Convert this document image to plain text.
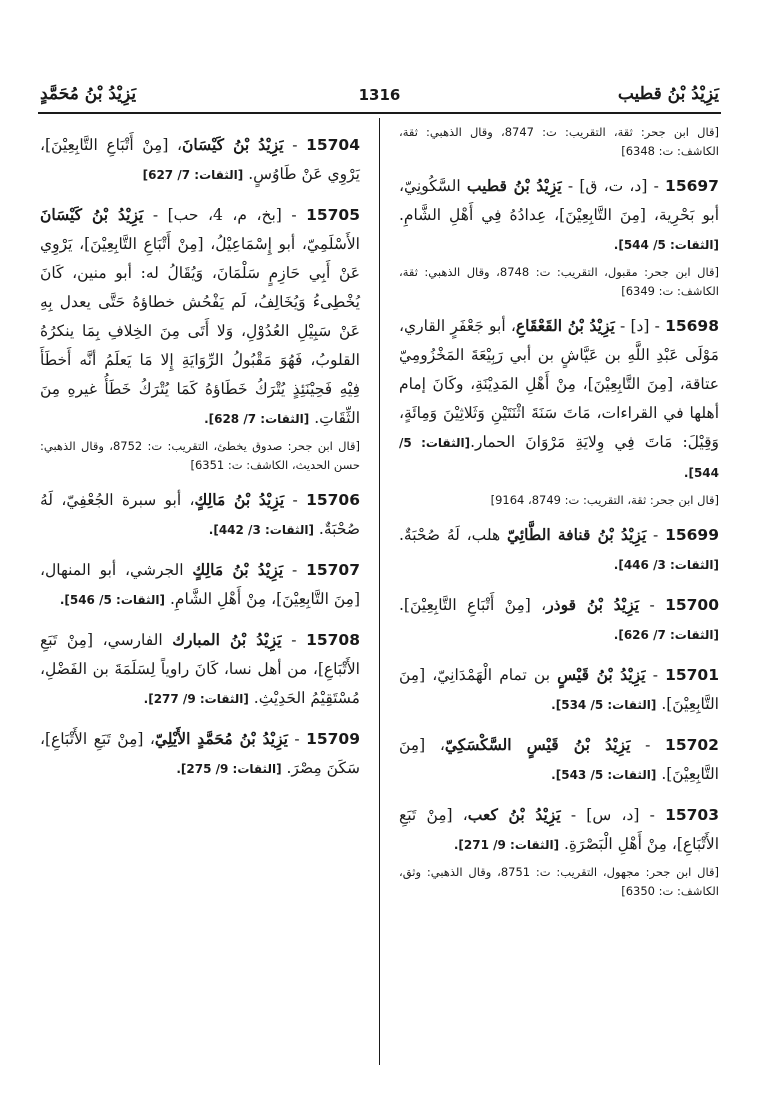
يَزِيْدُ بْنُ قطيب
1316
يَزِيْدُ بْنُ مُحَمَّدٍ
[قال ابن جحر: ثقة، التقريب: ت: 8747، وقال الذهبي: ثقة، الكاشف: ت: 6348]
15697 - [د، ت، ق] - يَزِيْدُ بْنُ قطيب السَّكُونِيّ، أبو بَحْرِية، [مِنَ التَّابِعِيْنَ]، عِدادُهُ فِي أَهْلِ الشَّامِ. [الثقات: 5/ 544].
[قال ابن جحر: مقبول، التقريب: ت: 8748، وقال الذهبي: ثقة، الكاشف: ت: 6349]
15698 - [د] - يَزِيْدُ بْنُ القَعْقَاعِ، أبو جَعْفَرٍ القاري، مَوْلَى عَبْدِ اللَّهِ بن عَيَّاشٍ بن أبي رَبِيْعَةَ المَخْزُومِيّ عتاقة، [مِنَ التَّابِعِيْنَ]، مِنْ أَهْلِ المَدِيْنَةِ، وكَانَ إمام أهلها في القراءات، مَاتَ سَنَةَ اثْنَتَيْنِ وَثَلاثِيْنَ وَمِائَةٍ، وَقِيْلَ: مَاتَ فِي وِلايَةِ مَرْوَانَ الحمار.[الثقات: 5/ 544].
[قال ابن جحر: ثقة، التقريب: ت: 8749، 9164]
15699 - يَزِيْدُ بْنُ قنافة الطَّائِيّ هلب، لَهُ صُحْبَةٌ. [الثقات: 3/ 446].
15700 - يَزِيْدُ بْنُ قوذر، [مِنْ أَتْبَاعِ التَّابِعِيْنَ]. [الثقات: 7/ 626].
15701 - يَزِيْدُ بْنُ قَيْسٍ بن تمام الْهَمْدَانِيّ، [مِنَ التَّابِعِيْنَ]. [الثقات: 5/ 534].
15702 - يَزِيْدُ بْنُ قَيْسٍ السَّكْسَكِيّ، [مِنَ التَّابِعِيْنَ]. [الثقات: 5/ 543].
15703 - [د، س] - يَزِيْدُ بْنُ كعب، [مِنْ تَبَعِ الأَتْبَاعِ]، مِنْ أَهْلِ الْبَصْرَةِ. [الثقات: 9/ 271].
[قال ابن جحر: مجهول، التقريب: ت: 8751، وقال الذهبي: وثق، الكاشف: ت: 6350]
15704 - يَزِيْدُ بْنُ كَيْسَانَ، [مِنْ أَتْبَاعِ التَّابِعِيْنَ]، يَرْوِي عَنْ طَاوُسٍ. [الثقات: 7/ 627]
15705 - [بخ، م، 4، حب] - يَزِيْدُ بْنُ كَيْسَانَ الأَسْلَمِيّ، أبو إِسْمَاعِيْلُ، [مِنْ أَتْبَاعِ التَّابِعِيْنَ]، يَرْوِي عَنْ أَبِي حَازِمٍ سَلْمَانَ، وَيُقَالُ له: أبو منين، كَانَ يُخْطِىءُ وَيُخَالِفُ، لَم يَفْحُش خطاؤهُ حَتَّى يعدل بِهِ عَنْ سَبِيْلِ العُدُوْلِ، وَلا أَتَى مِنَ الخِلافِ بِمَا ينكرُهُ القلوبُ، فَهُوَ مَقْبُولُ الرِّوَايَةِ إِلا مَا يَعلَمُ أنَّه أَخطَأَ فِيْهِ فَحِيْنَئِذٍ يُتْرَكُ خَطَاؤهُ كَمَا يُتْرَكُ خَطَأُ غيرهِ مِنَ الثِّقَاتِ. [الثقات: 7/ 628].
[قال ابن جحر: صدوق يخطئ، التقريب: ت: 8752، وقال الذهبي: حسن الحديث، الكاشف: ت: 6351]
15706 - يَزِيْدُ بْنُ مَالِكٍ، أبو سبرة الجُعْفِيّ، لَهُ صُحْبَةٌ. [الثقات: 3/ 442].
15707 - يَزِيْدُ بْنُ مَالِكٍ الجرشي، أبو المنهال، [مِنَ التَّابِعِيْنَ]، مِنْ أَهْلِ الشَّامِ. [الثقات: 5/ 546].
15708 - يَزِيْدُ بْنُ المبارك الفارسي، [مِنْ تَبَعِ الأَتْبَاعِ]، من أهل نسا، كَانَ راوياً لِسَلَمَةَ بن الفَضْلِ، مُسْتَقِيْمُ الحَدِيْثِ. [الثقات: 9/ 277].
15709 - يَزِيْدُ بْنُ مُحَمَّدٍ الأَيْلِيّ، [مِنْ تَبَعِ الأَتْبَاعِ]، سَكَنَ مِصْرَ. [الثقات: 9/ 275].
